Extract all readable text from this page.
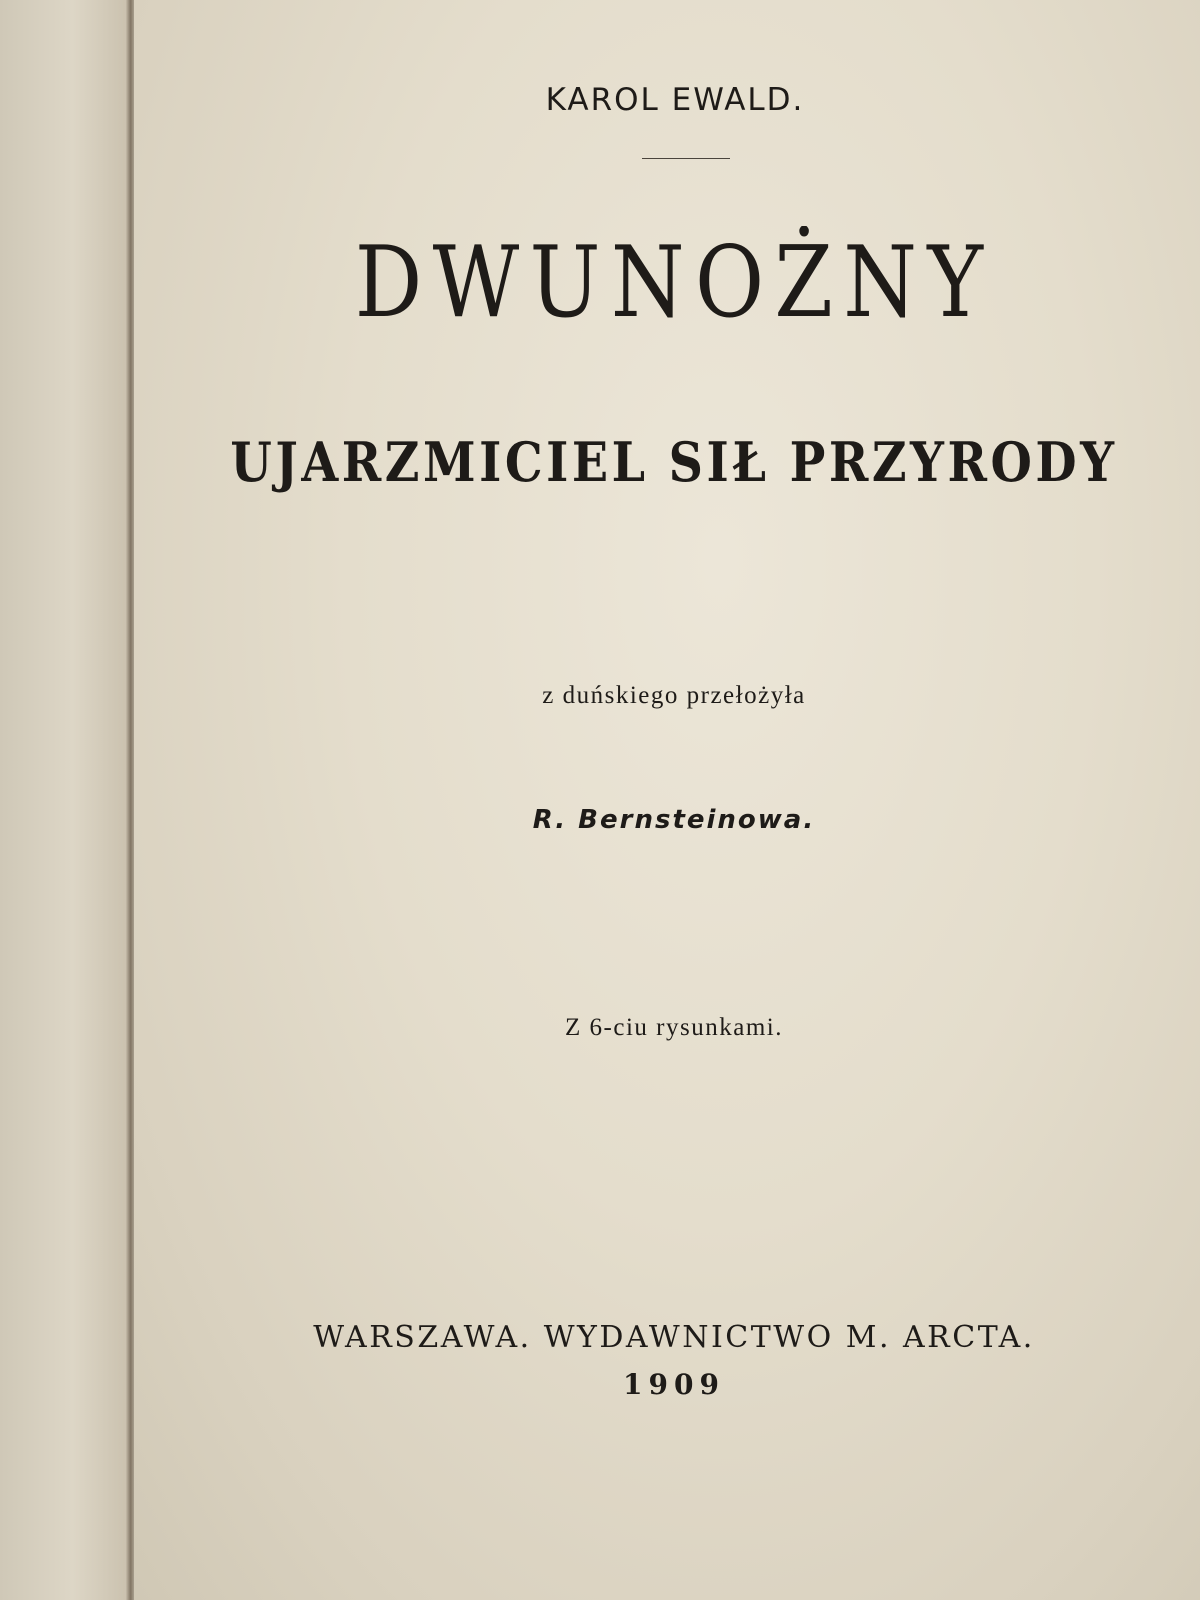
KAROL EWALD.
DWUNOŻNY
UJARZMICIEL SIŁ PRZYRODY
z duńskiego przełożyła
R. Bernsteinowa.
Z 6-ciu rysunkami.
WARSZAWA. WYDAWNICTWO M. ARCTA.
1909
